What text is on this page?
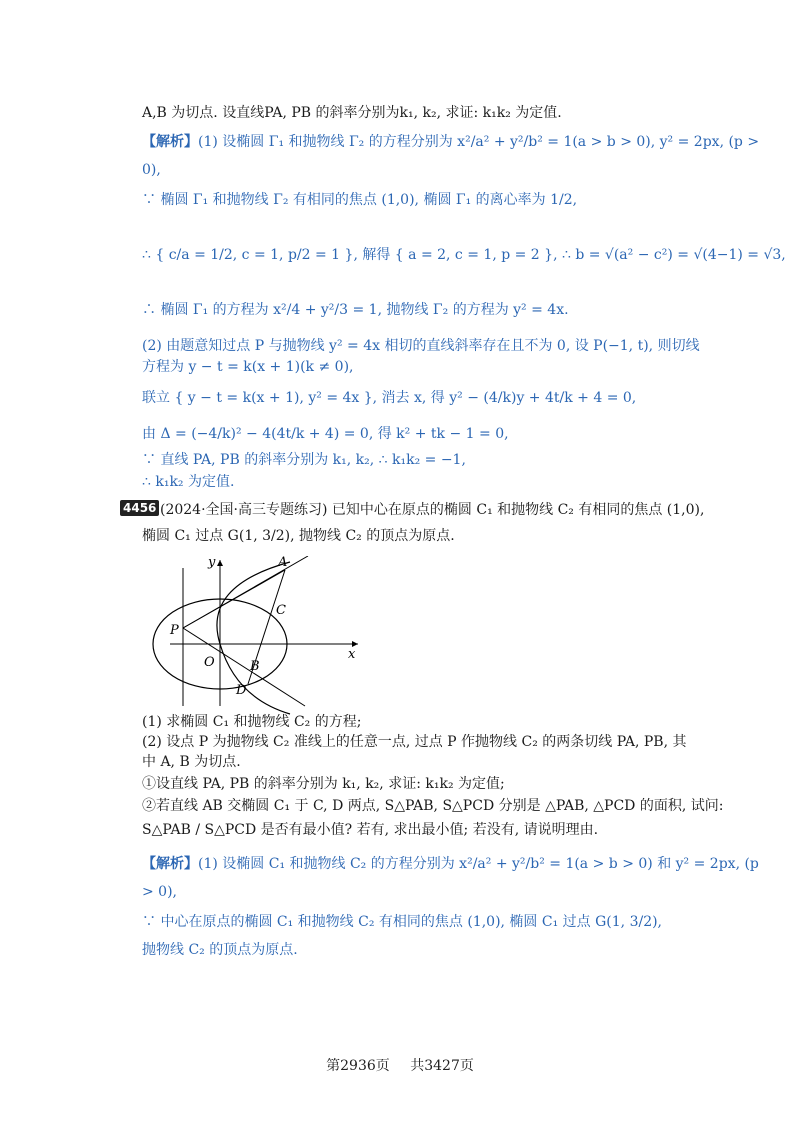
A,B 为切点. 设直线PA, PB 的斜率分别为k₁, k₂, 求证: k₁k₂ 为定值.
【解析】(1) 设椭圆 Γ₁ 和抛物线 Γ₂ 的方程分别为 x²/a² + y²/b² = 1(a > b > 0), y² = 2px, (p >
0),
∵ 椭圆 Γ₁ 和抛物线 Γ₂ 有相同的焦点 (1,0), 椭圆 Γ₁ 的离心率为 1/2,
∴ { c/a = 1/2, c = 1, p/2 = 1 }, 解得 { a = 2, c = 1, p = 2 }, ∴ b = √(a² − c²) = √(4−1) = √3,
∴ 椭圆 Γ₁ 的方程为 x²/4 + y²/3 = 1, 抛物线 Γ₂ 的方程为 y² = 4x.
(2) 由题意知过点 P 与抛物线 y² = 4x 相切的直线斜率存在且不为 0, 设 P(−1, t), 则切线
方程为 y − t = k(x + 1)(k ≠ 0),
联立 { y − t = k(x + 1), y² = 4x }, 消去 x, 得 y² − (4/k)y + 4t/k + 4 = 0,
由 Δ = (−4/k)² − 4(4t/k + 4) = 0, 得 k² + tk − 1 = 0,
∵ 直线 PA, PB 的斜率分别为 k₁, k₂, ∴ k₁k₂ = −1,
∴ k₁k₂ 为定值.
4456 (2024·全国·高三专题练习) 已知中心在原点的椭圆 C₁ 和抛物线 C₂ 有相同的焦点 (1,0),
椭圆 C₁ 过点 G(1, 3/2), 抛物线 C₂ 的顶点为原点.
y
x
O
P
A
C
B
D
(1) 求椭圆 C₁ 和抛物线 C₂ 的方程;
(2) 设点 P 为抛物线 C₂ 准线上的任意一点, 过点 P 作抛物线 C₂ 的两条切线 PA, PB, 其
中 A, B 为切点.
①设直线 PA, PB 的斜率分别为 k₁, k₂, 求证: k₁k₂ 为定值;
②若直线 AB 交椭圆 C₁ 于 C, D 两点, S△PAB, S△PCD 分别是 △PAB, △PCD 的面积, 试问:
S△PAB / S△PCD 是否有最小值? 若有, 求出最小值; 若没有, 请说明理由.
【解析】(1) 设椭圆 C₁ 和抛物线 C₂ 的方程分别为 x²/a² + y²/b² = 1(a > b > 0) 和 y² = 2px, (p
> 0),
∵ 中心在原点的椭圆 C₁ 和抛物线 C₂ 有相同的焦点 (1,0), 椭圆 C₁ 过点 G(1, 3/2),
抛物线 C₂ 的顶点为原点.
第2936页 共3427页
